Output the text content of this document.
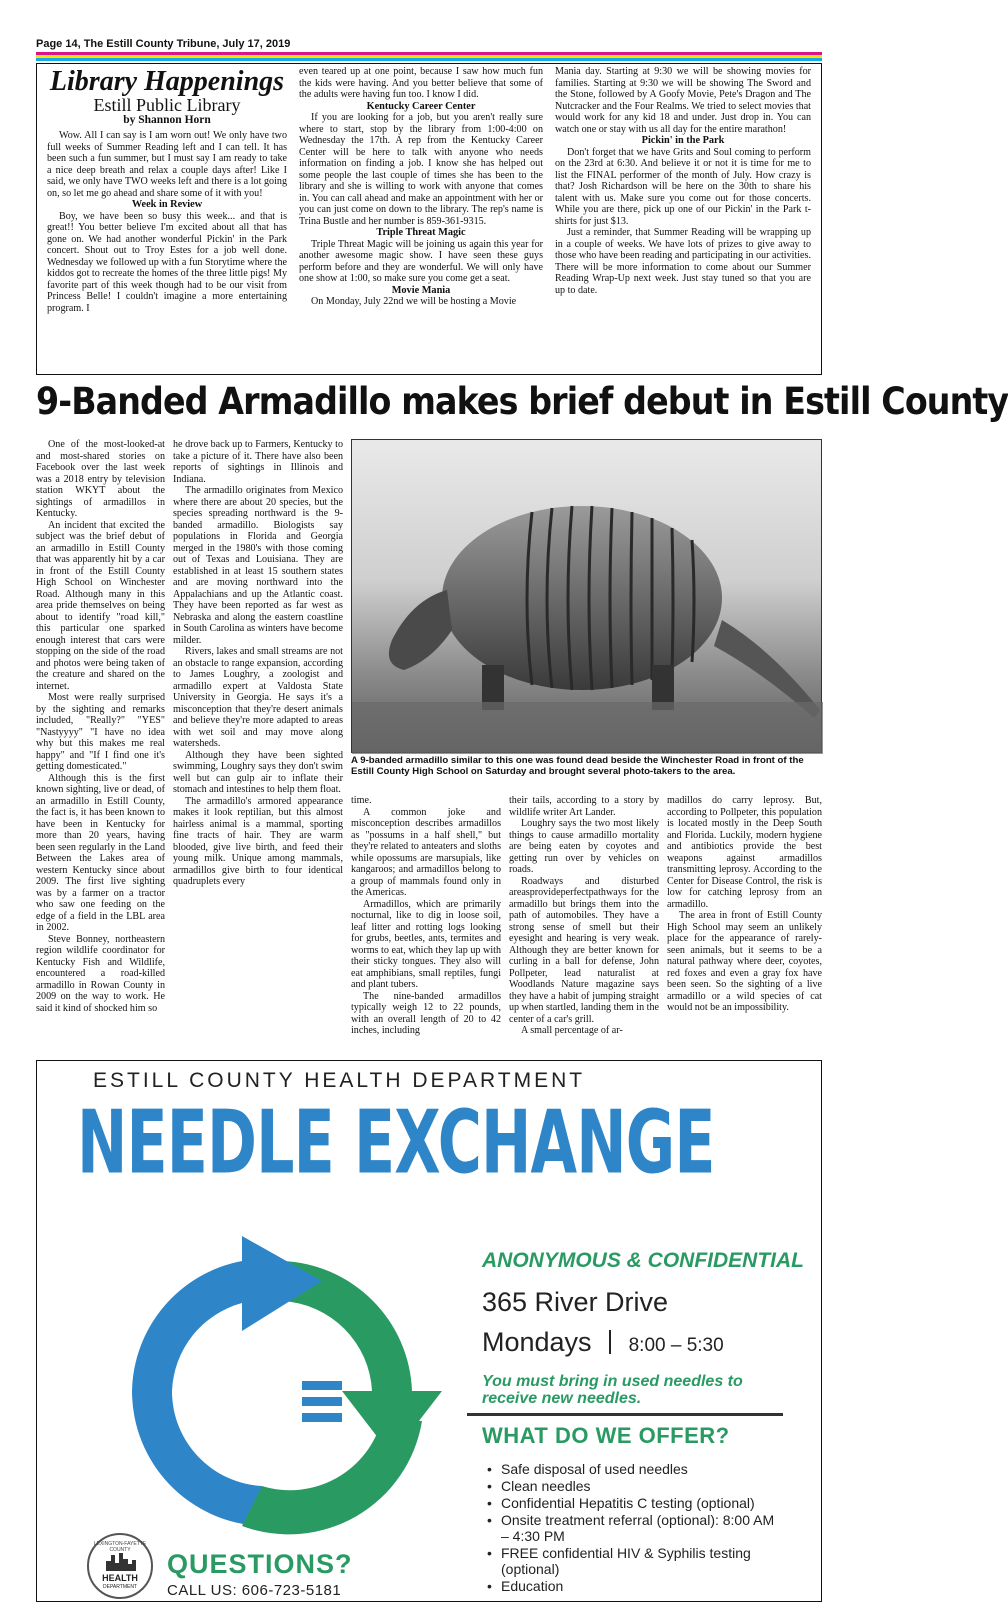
Page 14, The Estill County Tribune, July 17, 2019
Library Happenings
Estill Public Library
by Shannon Horn

Wow. All I can say is I am worn out! We only have two full weeks of Summer Reading left and I can tell. It has been such a fun summer, but I must say I am ready to take a nice deep breath and relax a couple days after! Like I said, we only have TWO weeks left and there is a lot going on, so let me go ahead and share some of it with you!

Week in Review

Boy, we have been so busy this week... and that is great!! You better believe I'm excited about all that has gone on. We had another wonderful Pickin' in the Park concert. Shout out to Troy Estes for a job well done. Wednesday we followed up with a fun Storytime where the kiddos got to recreate the homes of the three little pigs! My favorite part of this week though had to be our visit from Princess Belle! I couldn't imagine a more entertaining program. I

even teared up at one point, because I saw how much fun the kids were having. And you better believe that some of the adults were having fun too. I know I did.

Kentucky Career Center

If you are looking for a job, but you aren't really sure where to start, stop by the library from 1:00-4:00 on Wednesday the 17th. A rep from the Kentucky Career Center will be here to talk with anyone who needs information on finding a job. I know she has helped out some people the last couple of times she has been to the library and she is willing to work with anyone that comes in. You can call ahead and make an appointment with her or you can just come on down to the library. The rep's name is Trina Bustle and her number is 859-361-9315.

Triple Threat Magic

Triple Threat Magic will be joining us again this year for another awesome magic show. I have seen these guys perform before and they are wonderful. We will only have one show at 1:00, so make sure you come get a seat.

Movie Mania

On Monday, July 22nd we will be hosting a Movie

Mania day. Starting at 9:30 we will be showing movies for families. Starting at 9:30 we will be showing The Sword and the Stone, followed by A Goofy Movie, Pete's Dragon and The Nutcracker and the Four Realms. We tried to select movies that would work for any kid 18 and under. Just drop in. You can watch one or stay with us all day for the entire marathon!

Pickin' in the Park

Don't forget that we have Grits and Soul coming to perform on the 23rd at 6:30. And believe it or not it is time for me to list the FINAL performer of the month of July. How crazy is that? Josh Richardson will be here on the 30th to share his talent with us. Make sure you come out for those concerts. While you are there, pick up one of our Pickin' in the Park t-shirts for just $13.

Just a reminder, that Summer Reading will be wrapping up in a couple of weeks. We have lots of prizes to give away to those who have been reading and participating in our activities. There will be more information to come about our Summer Reading Wrap-Up next week. Just stay tuned so that you are up to date.

9-Banded Armadillo makes brief debut in Estill County

One of the most-looked-at and most-shared stories on Facebook over the last week was a 2018 entry by television station WKYT about the sightings of armadillos in Kentucky.

An incident that excited the subject was the brief debut of an armadillo in Estill County that was apparently hit by a car in front of the Estill County High School on Winchester Road. Although many in this area pride themselves on being about to identify "road kill," this particular one sparked enough interest that cars were stopping on the side of the road and photos were being taken of the creature and shared on the internet.

Most were really surprised by the sighting and remarks included, "Really?" "YES" "Nastyyyy" "I have no idea why but this makes me real happy" and "If I find one it's getting domesticated."

Although this is the first known sighting, live or dead, of an armadillo in Estill County, the fact is, it has been known to have been in Kentucky for more than 20 years, having been seen regularly in the Land Between the Lakes area of western Kentucky since about 2009. The first live sighting was by a farmer on a tractor who saw one feeding on the edge of a field in the LBL area in 2002.

Steve Bonney, northeastern region wildlife coordinator for Kentucky Fish and Wildlife, encountered a road-killed armadillo in Rowan County in 2009 on the way to work. He said it kind of shocked him so

he drove back up to Farmers, Kentucky to take a picture of it. There have also been reports of sightings in Illinois and Indiana.

The armadillo originates from Mexico where there are about 20 species, but the species spreading northward is the 9-banded armadillo. Biologists say populations in Florida and Georgia merged in the 1980's with those coming out of Texas and Louisiana. They are established in at least 15 southern states and are moving northward into the Appalachians and up the Atlantic coast. They have been reported as far west as Nebraska and along the eastern coastline in South Carolina as winters have become milder.

Rivers, lakes and small streams are not an obstacle to range expansion, according to James Loughry, a zoologist and armadillo expert at Valdosta State University in Georgia. He says it's a misconception that they're desert animals and believe they're more adapted to areas with wet soil and may move along watersheds.

Although they have been sighted swimming, Loughry says they don't swim well but can gulp air to inflate their stomach and intestines to help them float.

The armadillo's armored appearance makes it look reptilian, but this almost hairless animal is a mammal, sporting fine tracts of hair. They are warm blooded, give live birth, and feed their young milk. Unique among mammals, armadillos give birth to four identical quadruplets every

time.

A common joke and misconception describes armadillos as "possums in a half shell," but they're related to anteaters and sloths while opossums are marsupials, like kangaroos; and armadillos belong to a group of mammals found only in the Americas.

Armadillos, which are primarily nocturnal, like to dig in loose soil, leaf litter and rotting logs looking for grubs, beetles, ants, termites and worms to eat, which they lap up with their sticky tongues. They also will eat amphibians, small reptiles, fungi and plant tubers.

The nine-banded armadillos typically weigh 12 to 22 pounds, with an overall length of 20 to 42 inches, including

their tails, according to a story by wildlife writer Art Lander.

Loughry says the two most likely things to cause armadillo mortality are being eaten by coyotes and getting run over by vehicles on roads.

Roadways and disturbed areasprovideperfectpathways for the armadillo but brings them into the path of automobiles. They have a strong sense of smell but their eyesight and hearing is very weak. Although they are better known for curling in a ball for defense, John Pollpeter, lead naturalist at Woodlands Nature magazine says they have a habit of jumping straight up when startled, landing them in the center of a car's grill.

A small percentage of ar-

madillos do carry leprosy. But, according to Pollpeter, this population is located mostly in the Deep South and Florida. Luckily, modern hygiene and antibiotics provide the best weapons against armadillos transmitting leprosy. According to the Center for Disease Control, the risk is low for catching leprosy from an armadillo.

The area in front of Estill County High School may seem an unlikely place for the appearance of rarely-seen animals, but it seems to be a natural pathway where deer, coyotes, red foxes and even a gray fox have been seen. So the sighting of a live armadillo or a wild species of cat would not be an impossibility.

A 9-banded armadillo similar to this one was found dead beside the Winchester Road in front of the Estill County High School on Saturday and brought several photo-takers to the area.
ESTILL COUNTY HEALTH DEPARTMENT
NEEDLE EXCHANGE
ANONYMOUS & CONFIDENTIAL
365 River Drive
Mondays 8:00 – 5:30
You must bring in used needles to receive new needles.
WHAT DO WE OFFER?
• Safe disposal of used needles
• Clean needles
• Confidential Hepatitis C testing (optional)
• Onsite treatment referral (optional): 8:00 AM – 4:30 PM
• FREE confidential HIV & Syphilis testing (optional)
• Education
LEXINGTON-FAYETTE COUNTY
HEALTH
DEPARTMENT
QUESTIONS?
CALL US: 606-723-5181
